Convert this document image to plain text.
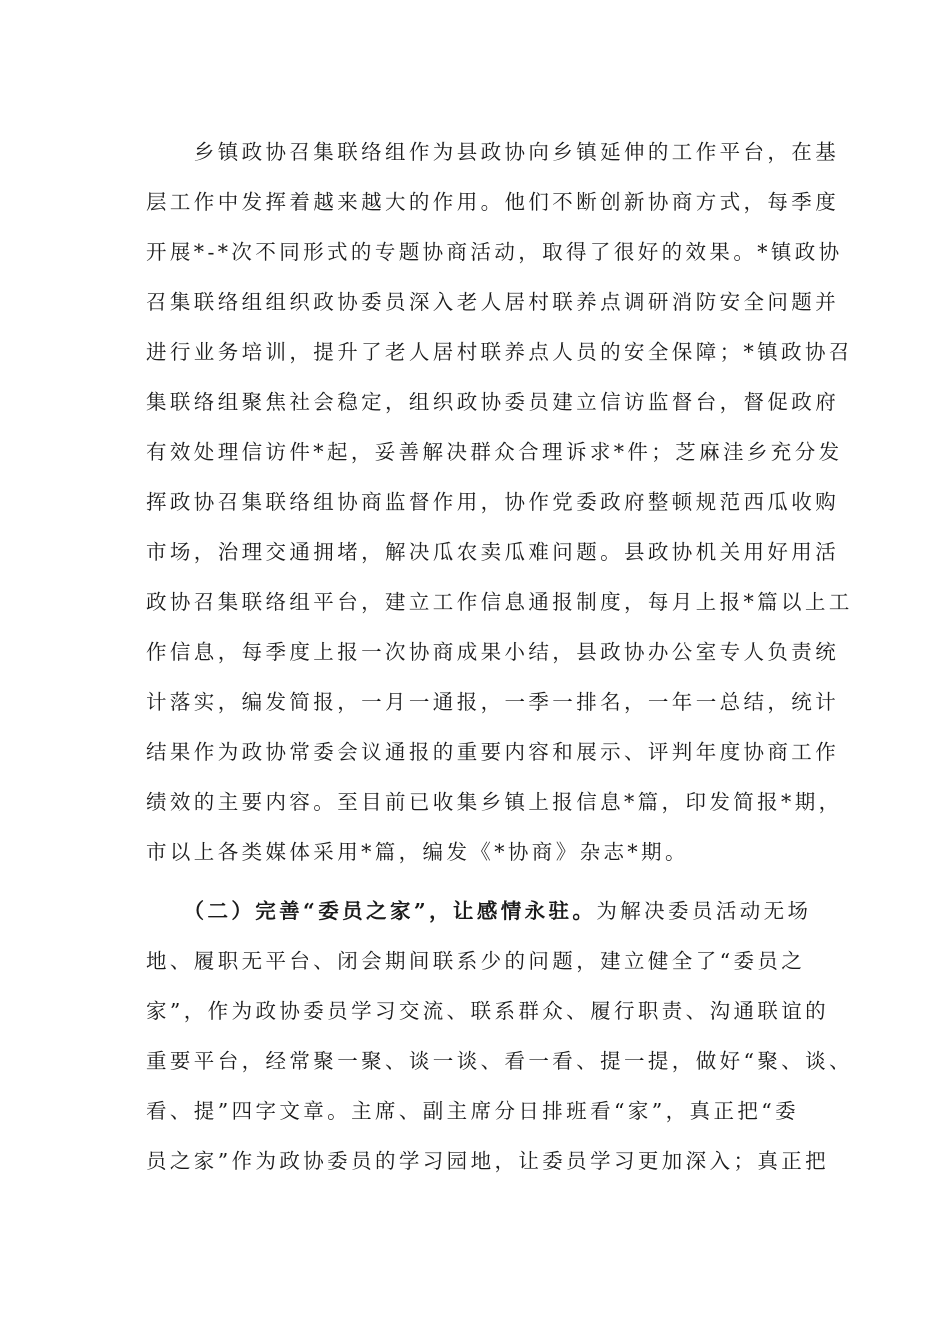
　　乡镇政协召集联络组作为县政协向乡镇延伸的工作平台，在基
层工作中发挥着越来越大的作用。他们不断创新协商方式，每季度
开展*-*次不同形式的专题协商活动，取得了很好的效果。*镇政协
召集联络组组织政协委员深入老人居村联养点调研消防安全问题并
进行业务培训，提升了老人居村联养点人员的安全保障；*镇政协召
集联络组聚焦社会稳定，组织政协委员建立信访监督台，督促政府
有效处理信访件*起，妥善解决群众合理诉求*件；芝麻洼乡充分发
挥政协召集联络组协商监督作用，协作党委政府整顿规范西瓜收购
市场，治理交通拥堵，解决瓜农卖瓜难问题。县政协机关用好用活
政协召集联络组平台，建立工作信息通报制度，每月上报*篇以上工
作信息，每季度上报一次协商成果小结，县政协办公室专人负责统
计落实，编发简报，一月一通报，一季一排名，一年一总结，统计
结果作为政协常委会议通报的重要内容和展示、评判年度协商工作
绩效的主要内容。至目前已收集乡镇上报信息*篇，印发简报*期，
市以上各类媒体采用*篇，编发《*协商》杂志*期。
　　（二）完善“委员之家”，让感情永驻。为解决委员活动无场
地、履职无平台、闭会期间联系少的问题，建立健全了“委员之
家”，作为政协委员学习交流、联系群众、履行职责、沟通联谊的
重要平台，经常聚一聚、谈一谈、看一看、提一提，做好“聚、谈、
看、提”四字文章。主席、副主席分日排班看“家”，真正把“委
员之家”作为政协委员的学习园地，让委员学习更加深入；真正把
